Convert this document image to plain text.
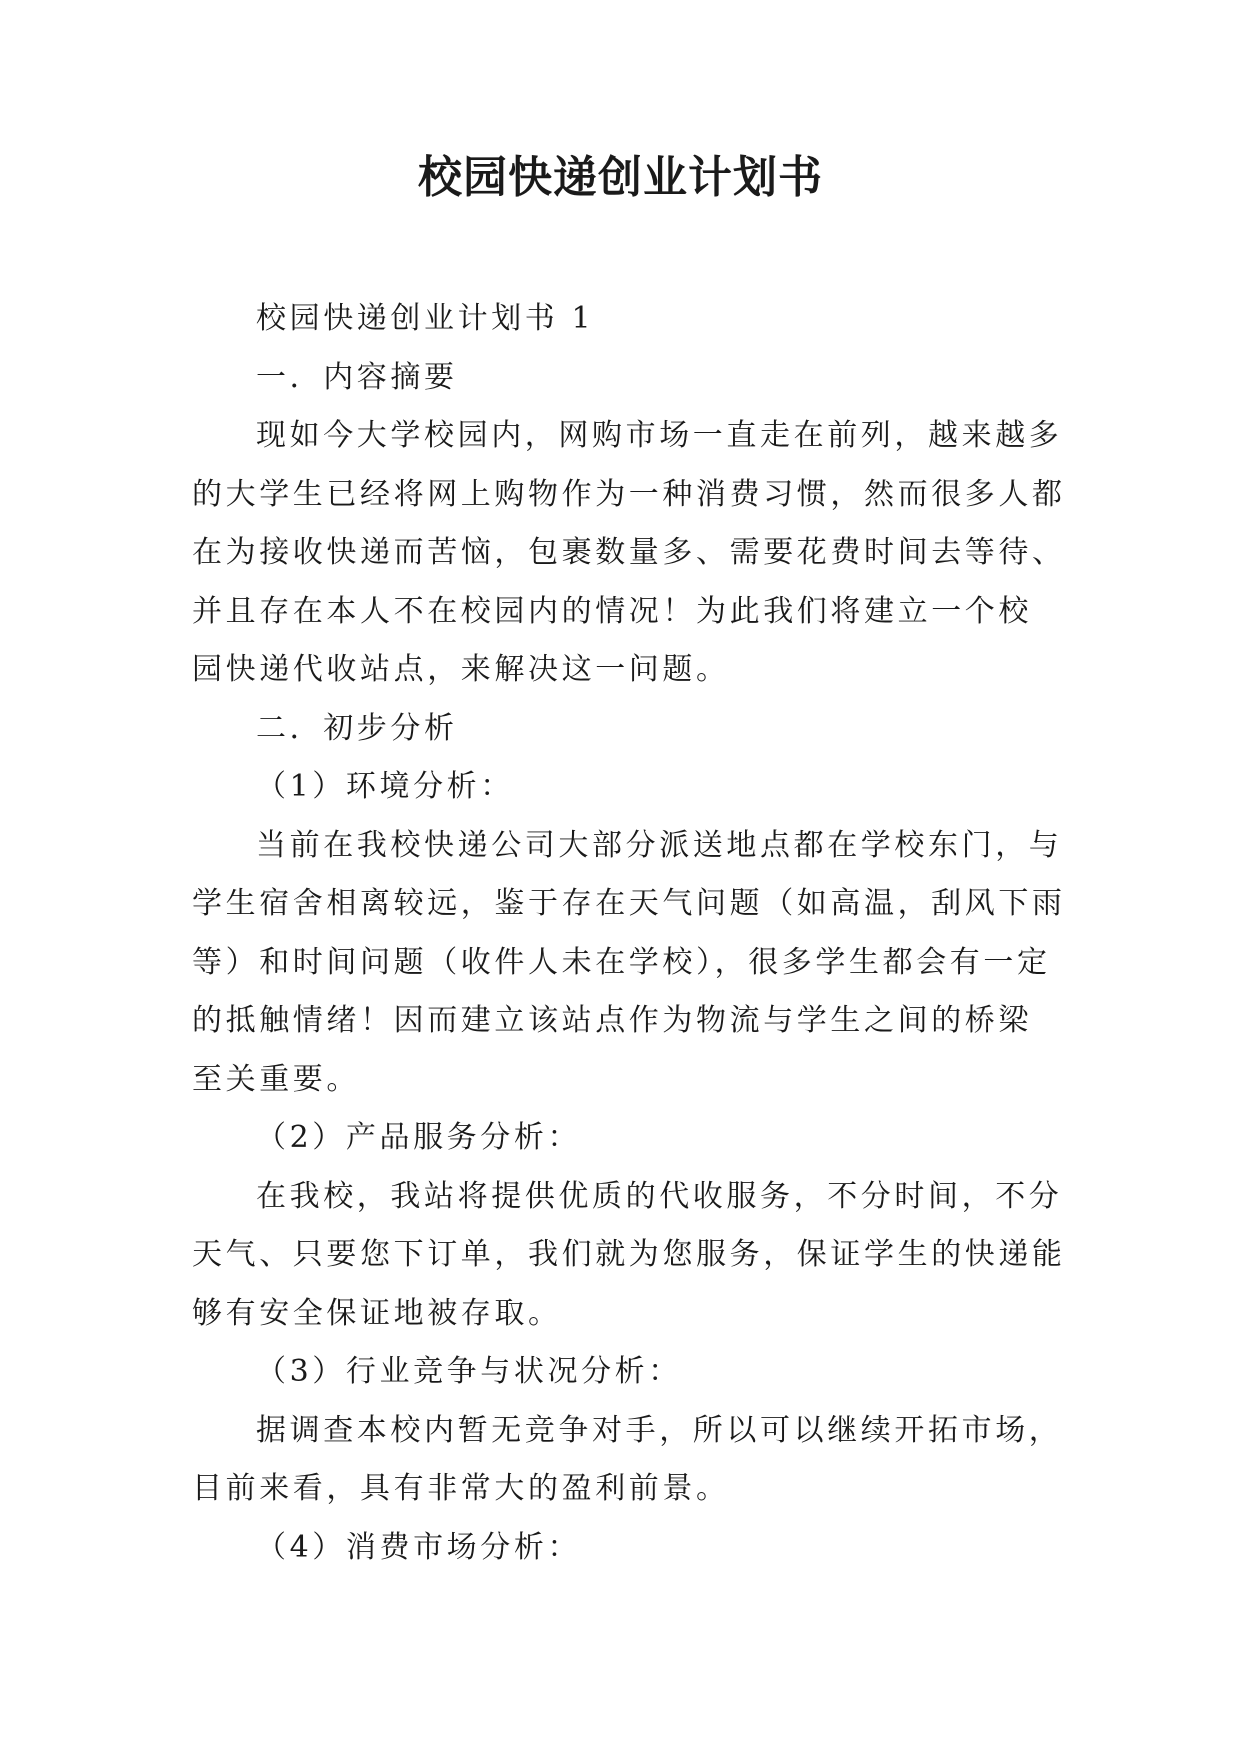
校园快递创业计划书
校园快递创业计划书 1
一．内容摘要
现如今大学校园内，网购市场一直走在前列，越来越多
的大学生已经将网上购物作为一种消费习惯，然而很多人都
在为接收快递而苦恼，包裹数量多、需要花费时间去等待、
并且存在本人不在校园内的情况！为此我们将建立一个校
园快递代收站点，来解决这一问题。
二．初步分析
（1）环境分析：
当前在我校快递公司大部分派送地点都在学校东门，与
学生宿舍相离较远，鉴于存在天气问题（如高温，刮风下雨
等）和时间问题（收件人未在学校），很多学生都会有一定
的抵触情绪！因而建立该站点作为物流与学生之间的桥梁
至关重要。
（2）产品服务分析：
在我校，我站将提供优质的代收服务，不分时间，不分
天气、只要您下订单，我们就为您服务，保证学生的快递能
够有安全保证地被存取。
（3）行业竞争与状况分析：
据调查本校内暂无竞争对手，所以可以继续开拓市场，
目前来看，具有非常大的盈利前景。
（4）消费市场分析：
